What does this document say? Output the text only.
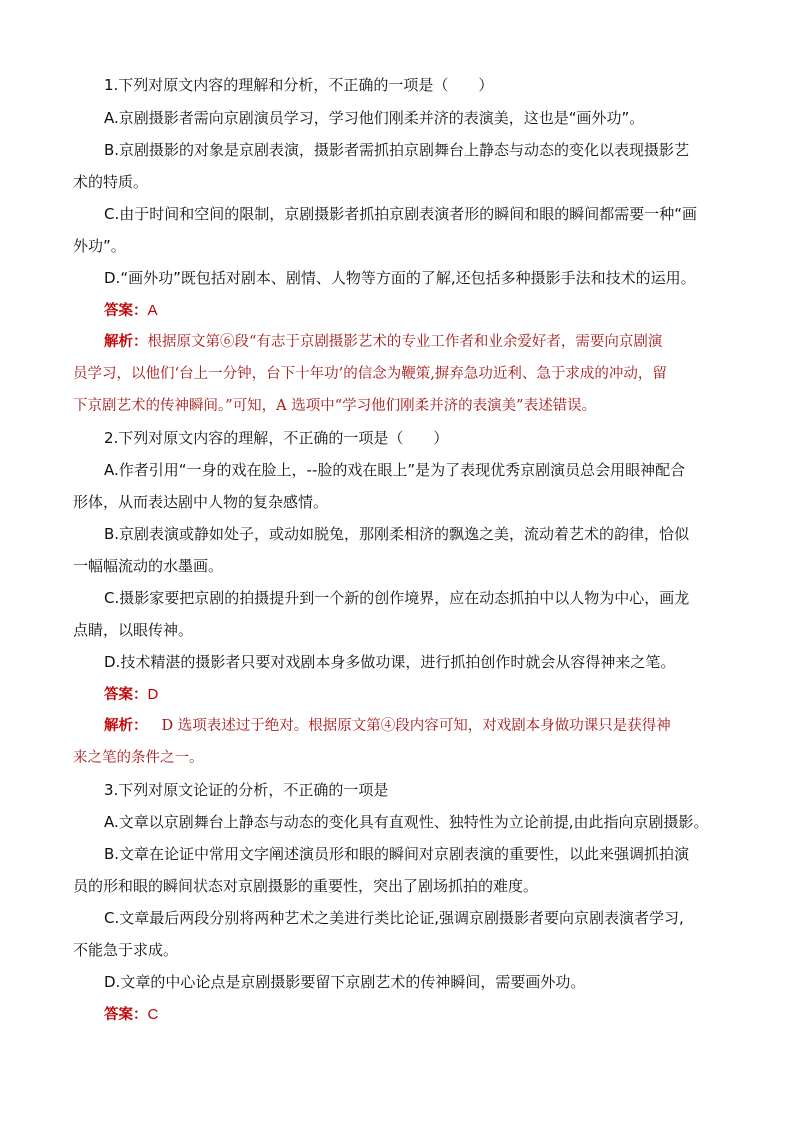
1.下列对原文内容的理解和分析，不正确的一项是（　　）
A.京剧摄影者需向京剧演员学习，学习他们刚柔并济的表演美，这也是“画外功”。
B.京剧摄影的对象是京剧表演，摄影者需抓拍京剧舞台上静态与动态的变化以表现摄影艺
术的特质。
C.由于时间和空间的限制，京剧摄影者抓拍京剧表演者形的瞬间和眼的瞬间都需要一种“画
外功”。
D.“画外功”既包括对剧本、剧情、人物等方面的了解,还包括多种摄影手法和技术的运用。
答案：A
解析：根据原文第⑥段“有志于京剧摄影艺术的专业工作者和业余爱好者，需要向京剧演
员学习，以他们‘台上一分钟，台下十年功’的信念为鞭策,摒弃急功近利、急于求成的冲动，留
下京剧艺术的传神瞬间。”可知，A 选项中“学习他们刚柔并济的表演美”表述错误。
2.下列对原文内容的理解，不正确的一项是（　　）
A.作者引用“一身的戏在脸上，--脸的戏在眼上”是为了表现优秀京剧演员总会用眼神配合
形体，从而表达剧中人物的复杂感情。
B.京剧表演或静如处子，或动如脱兔，那刚柔相济的飘逸之美，流动着艺术的韵律，恰似
一幅幅流动的水墨画。
C.摄影家要把京剧的拍摄提升到一个新的创作境界，应在动态抓拍中以人物为中心，画龙
点睛，以眼传神。
D.技术精湛的摄影者只要对戏剧本身多做功课，进行抓拍创作时就会从容得神来之笔。
答案：D
解析： D 选项表述过于绝对。根据原文第④段内容可知，对戏剧本身做功课只是获得神
来之笔的条件之一。
3.下列对原文论证的分析，不正确的一项是
A.文章以京剧舞台上静态与动态的变化具有直观性、独特性为立论前提,由此指向京剧摄影。
B.文章在论证中常用文字阐述演员形和眼的瞬间对京剧表演的重要性，以此来强调抓拍演
员的形和眼的瞬间状态对京剧摄影的重要性，突出了剧场抓拍的难度。
C.文章最后两段分别将两种艺术之美进行类比论证,强调京剧摄影者要向京剧表演者学习,
不能急于求成。
D.文章的中心论点是京剧摄影要留下京剧艺术的传神瞬间，需要画外功。
答案：C
